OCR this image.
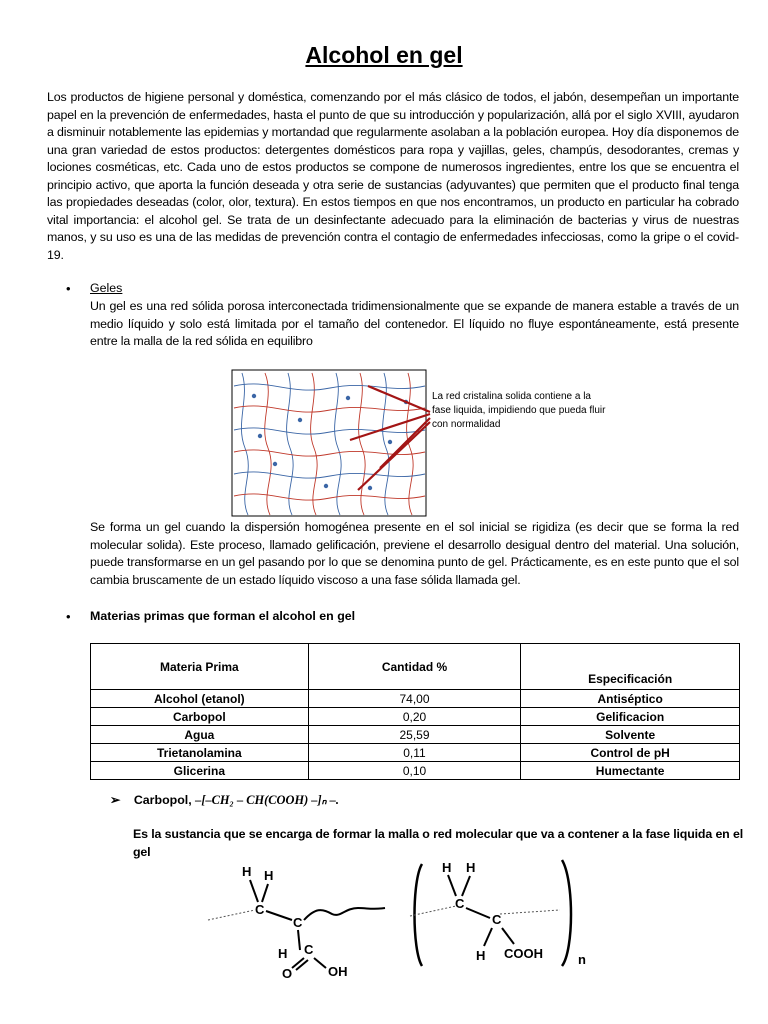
Alcohol en gel
Los productos de higiene personal y doméstica, comenzando por el más clásico de todos, el jabón, desempeñan un importante papel en la prevención de enfermedades, hasta el punto de que su introducción y popularización, allá por el siglo XVIII, ayudaron a disminuir notablemente las epidemias y mortandad que regularmente asolaban a la población europea. Hoy día disponemos de una gran variedad de estos productos: detergentes domésticos para ropa y vajillas, geles, champús, desodorantes, cremas y lociones cosméticas, etc. Cada uno de estos productos se compone de numerosos ingredientes, entre los que se encuentra el principio activo, que aporta la función deseada y otra serie de sustancias (adyuvantes) que permiten que el producto final tenga las propiedades deseadas (color, olor, textura). En estos tiempos en que nos encontramos, un producto en particular ha cobrado vital importancia: el alcohol gel. Se trata de un desinfectante adecuado para la eliminación de bacterias y virus de nuestras manos, y su uso es una de las medidas de prevención contra el contagio de enfermedades infecciosas, como la gripe o el covid-19.
• Geles
Un gel es una red sólida porosa interconectada tridimensionalmente que se expande de manera estable a través de un medio líquido y solo está limitada por el tamaño del contenedor. El líquido no fluye espontáneamente, está presente entre la malla de la red sólida en equilibro
La red cristalina solida contiene a la fase liquida, impidiendo que pueda fluir con normalidad
Se forma un gel cuando la dispersión homogénea presente en el sol inicial se rigidiza (es decir que se forma la red molecular solida). Este proceso, llamado gelificación, previene el desarrollo desigual dentro del material. Una solución, puede transformarse en un gel pasando por lo que se denomina punto de gel. Prácticamente, es en este punto que el sol cambia bruscamente de un estado líquido viscoso a una fase sólida llamada gel.
• Materias primas que forman el alcohol en gel
Materia Prima	Cantidad %	Especificación
Alcohol (etanol)	74,00	Antiséptico
Carbopol	0,20	Gelificacion
Agua	25,59	Solvente
Trietanolamina	0,11	Control de pH
Glicerina	0,10	Humectante
➢ Carbopol, –[–CH₂ – CH(COOH) –]ₙ –.
Es la sustancia que se encarga de formar la malla o red molecular que va a contener a la fase liquida en el gel
H H
C
C
H C
O	OH
H H
C
C
H COOH	n
